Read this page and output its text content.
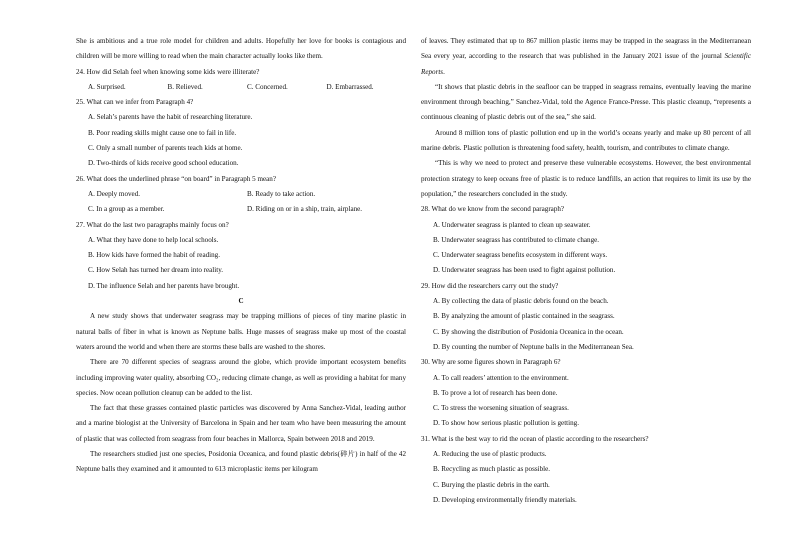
She is ambitious and a true role model for children and adults. Hopefully her love for books is contagious and children will be more willing to read when the main character actually looks like them.

24. How did Selah feel when knowing some kids were illiterate?

A. Surprised.	B. Relieved.	C. Concerned.	D. Embarrassed.

25. What can we infer from Paragraph 4?

A. Selah’s parents have the habit of researching literature.

B. Poor reading skills might cause one to fail in life.

C. Only a small number of parents teach kids at home.

D. Two-thirds of kids receive good school education.

26. What does the underlined phrase “on board” in Paragraph 5 mean?

A. Deeply moved.	B. Ready to take action.
C. In a group as a member.	D. Riding on or in a ship, train, airplane.

27. What do the last two paragraphs mainly focus on?

A. What they have done to help local schools.

B. How kids have formed the habit of reading.

C. How Selah has turned her dream into reality.

D. The influence Selah and her parents have brought.

C

A new study shows that underwater seagrass may be trapping millions of pieces of tiny marine plastic in natural balls of fiber in what is known as Neptune balls. Huge masses of seagrass make up most of the coastal waters around the world and when there are storms these balls are washed to the shores.

There are 70 different species of seagrass around the globe, which provide important ecosystem benefits including improving water quality, absorbing CO₂, reducing climate change, as well as providing a habitat for many species. Now ocean pollution cleanup can be added to the list.

The fact that these grasses contained plastic particles was discovered by Anna Sanchez-Vidal, leading author and a marine biologist at the University of Barcelona in Spain and her team who have been measuring the amount of plastic that was collected from seagrass from four beaches in Mallorca, Spain between 2018 and 2019.

The researchers studied just one species, Posidonia Oceanica, and found plastic debris(碎片) in half of the 42 Neptune balls they examined and it amounted to 613 microplastic items per kilogram

of leaves. They estimated that up to 867 million plastic items may be trapped in the seagrass in the Mediterranean Sea every year, according to the research that was published in the January 2021 issue of the journal Scientific Reports.

“It shows that plastic debris in the seafloor can be trapped in seagrass remains, eventually leaving the marine environment through beaching,” Sanchez-Vidal, told the Agence France-Presse. This plastic cleanup, “represents a continuous cleaning of plastic debris out of the sea,” she said.

Around 8 million tons of plastic pollution end up in the world’s oceans yearly and make up 80 percent of all marine debris. Plastic pollution is threatening food safety, health, tourism, and contributes to climate change.

“This is why we need to protect and preserve these vulnerable ecosystems. However, the best environmental protection strategy to keep oceans free of plastic is to reduce landfills, an action that requires to limit its use by the population,” the researchers concluded in the study.

28. What do we know from the second paragraph?

A. Underwater seagrass is planted to clean up seawater.

B. Underwater seagrass has contributed to climate change.

C. Underwater seagrass benefits ecosystem in different ways.

D. Underwater seagrass has been used to fight against pollution.

29. How did the researchers carry out the study?

A. By collecting the data of plastic debris found on the beach.

B. By analyzing the amount of plastic contained in the seagrass.

C. By showing the distribution of Posidonia Oceanica in the ocean.

D. By counting the number of Neptune balls in the Mediterranean Sea.

30. Why are some figures shown in Paragraph 6?

A. To call readers’ attention to the environment.

B. To prove a lot of research has been done.

C. To stress the worsening situation of seagrass.

D. To show how serious plastic pollution is getting.

31. What is the best way to rid the ocean of plastic according to the researchers?

A. Reducing the use of plastic products.

B. Recycling as much plastic as possible.

C. Burying the plastic debris in the earth.

D. Developing environmentally friendly materials.
